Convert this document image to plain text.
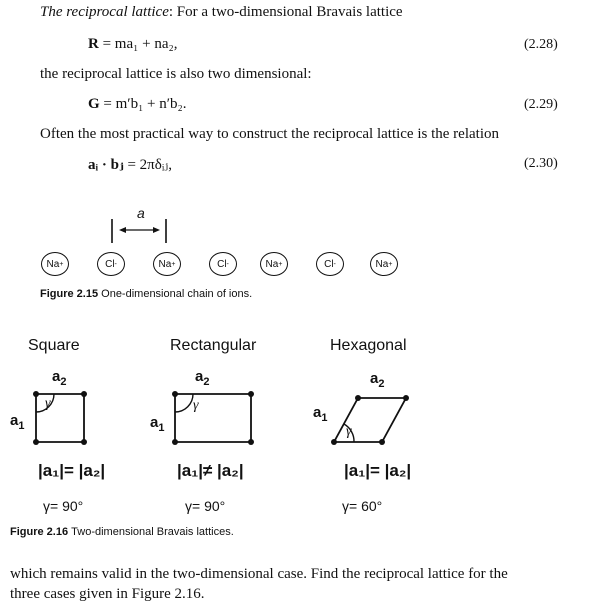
The reciprocal lattice: For a two-dimensional Bravais lattice
R = ma₁ + na₂,	(2.28)
the reciprocal lattice is also two dimensional:
G = m′b₁ + n′b₂.	(2.29)
Often the most practical way to construct the reciprocal lattice is the relation
aᵢ · bⱼ = 2πδᵢⱼ,	(2.30)
a
Na +	Cl -	Na +	Cl -	Na +	Cl -	Na +
Figure 2.15 One-dimensional chain of ions.
Square	Rectangular	Hexagonal
$a_2$
$a_1$
γ
$a_2$
$a_1$
γ
$a_2$
$a_1$
γ
|a₁|= |a₂|	|a₁|≠ |a₂|	|a₁|= |a₂|
γ= 90°	γ= 90°	γ= 60°
Figure 2.16 Two-dimensional Bravais lattices.
which remains valid in the two-dimensional case. Find the reciprocal lattice for the
three cases given in Figure 2.16.
